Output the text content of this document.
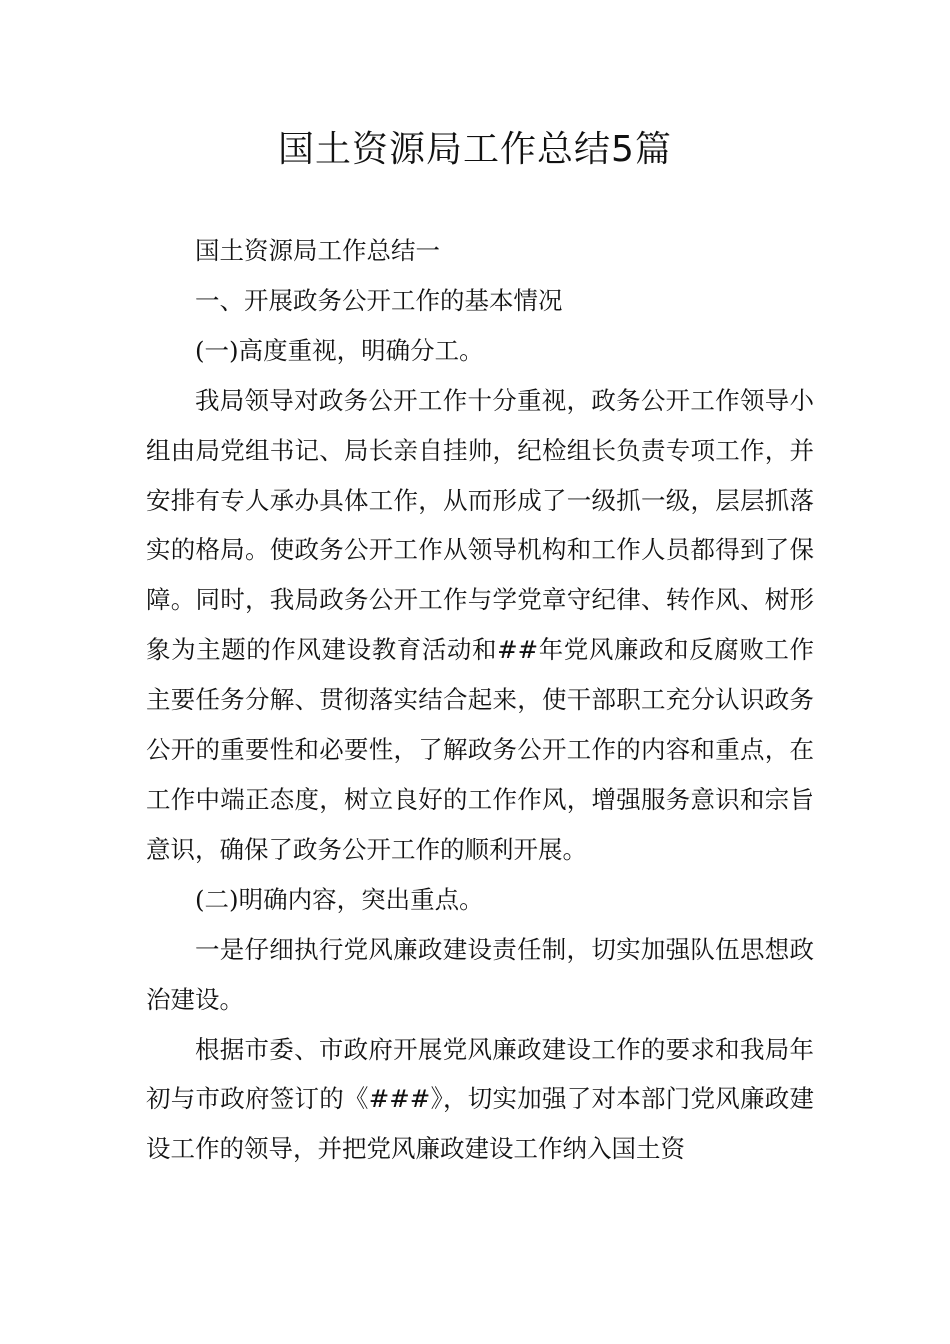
国土资源局工作总结5篇

国土资源局工作总结一

一、开展政务公开工作的基本情况

(一)高度重视，明确分工。

我局领导对政务公开工作十分重视，政务公开工作领导小组由局党组书记、局长亲自挂帅，纪检组长负责专项工作，并安排有专人承办具体工作，从而形成了一级抓一级，层层抓落实的格局。使政务公开工作从领导机构和工作人员都得到了保障。同时，我局政务公开工作与学党章守纪律、转作风、树形象为主题的作风建设教育活动和##年党风廉政和反腐败工作主要任务分解、贯彻落实结合起来，使干部职工充分认识政务公开的重要性和必要性，了解政务公开工作的内容和重点，在工作中端正态度，树立良好的工作作风，增强服务意识和宗旨意识，确保了政务公开工作的顺利开展。

(二)明确内容，突出重点。

一是仔细执行党风廉政建设责任制，切实加强队伍思想政治建设。

根据市委、市政府开展党风廉政建设工作的要求和我局年初与市政府签订的《###》，切实加强了对本部门党风廉政建设工作的领导，并把党风廉政建设工作纳入国土资
